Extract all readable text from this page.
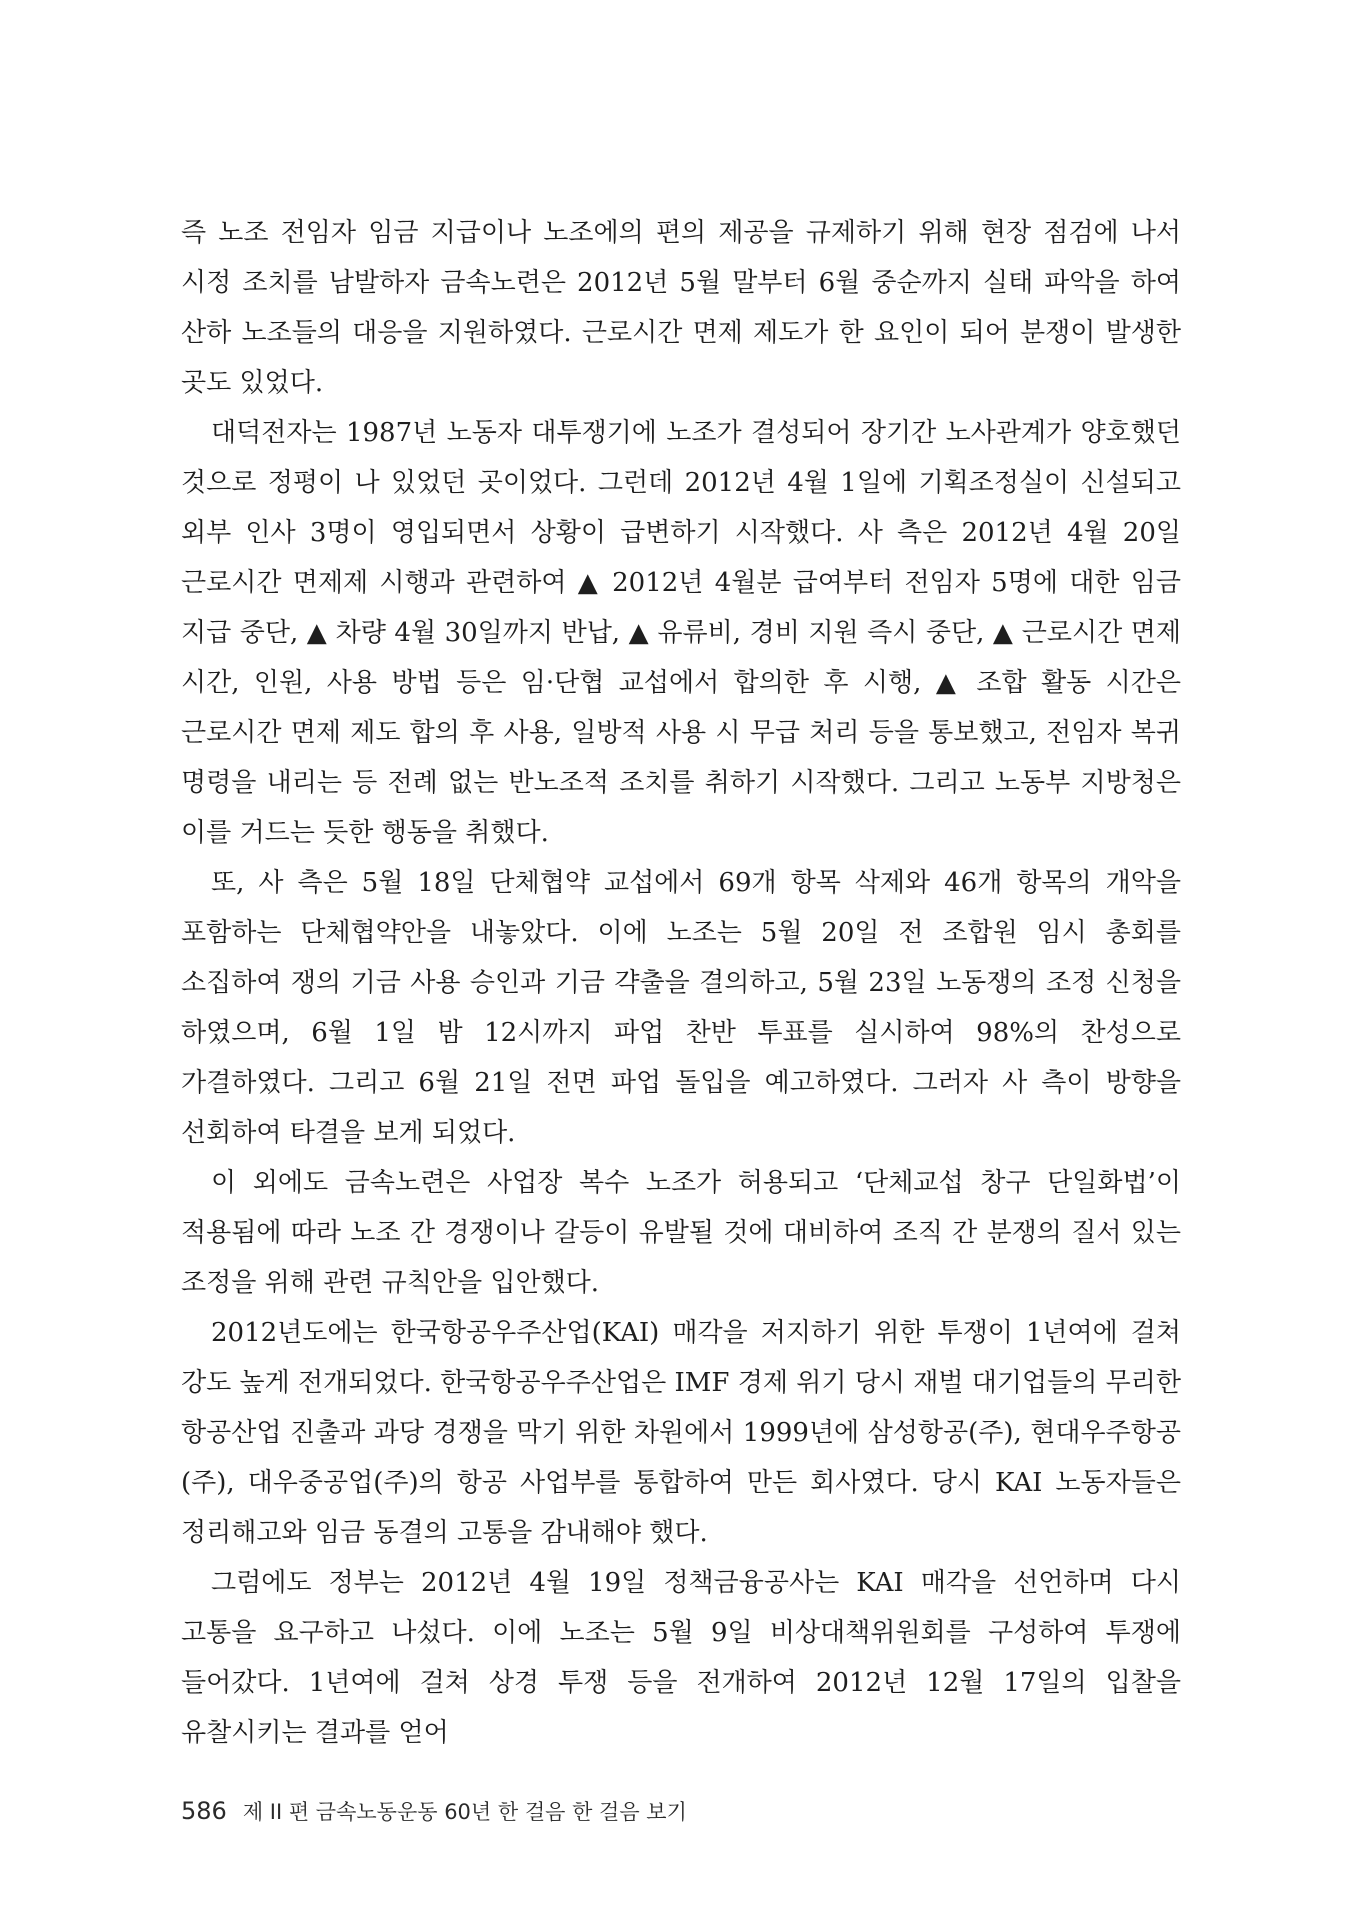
즉 노조 전임자 임금 지급이나 노조에의 편의 제공을 규제하기 위해 현장 점검에 나서 시정 조치를 남발하자 금속노련은 2012년 5월 말부터 6월 중순까지 실태 파악을 하여 산하 노조들의 대응을 지원하였다. 근로시간 면제 제도가 한 요인이 되어 분쟁이 발생한 곳도 있었다.

대덕전자는 1987년 노동자 대투쟁기에 노조가 결성되어 장기간 노사관계가 양호했던 것으로 정평이 나 있었던 곳이었다. 그런데 2012년 4월 1일에 기획조정실이 신설되고 외부 인사 3명이 영입되면서 상황이 급변하기 시작했다. 사 측은 2012년 4월 20일 근로시간 면제제 시행과 관련하여 ▲ 2012년 4월분 급여부터 전임자 5명에 대한 임금 지급 중단, ▲ 차량 4월 30일까지 반납, ▲ 유류비, 경비 지원 즉시 중단, ▲ 근로시간 면제 시간, 인원, 사용 방법 등은 임·단협 교섭에서 합의한 후 시행, ▲ 조합 활동 시간은 근로시간 면제 제도 합의 후 사용, 일방적 사용 시 무급 처리 등을 통보했고, 전임자 복귀 명령을 내리는 등 전례 없는 반노조적 조치를 취하기 시작했다. 그리고 노동부 지방청은 이를 거드는 듯한 행동을 취했다.

또, 사 측은 5월 18일 단체협약 교섭에서 69개 항목 삭제와 46개 항목의 개악을 포함하는 단체협약안을 내놓았다. 이에 노조는 5월 20일 전 조합원 임시 총회를 소집하여 쟁의 기금 사용 승인과 기금 갹출을 결의하고, 5월 23일 노동쟁의 조정 신청을 하였으며, 6월 1일 밤 12시까지 파업 찬반 투표를 실시하여 98%의 찬성으로 가결하였다. 그리고 6월 21일 전면 파업 돌입을 예고하였다. 그러자 사 측이 방향을 선회하여 타결을 보게 되었다.

이 외에도 금속노련은 사업장 복수 노조가 허용되고 ‘단체교섭 창구 단일화법’이 적용됨에 따라 노조 간 경쟁이나 갈등이 유발될 것에 대비하여 조직 간 분쟁의 질서 있는 조정을 위해 관련 규칙안을 입안했다.

2012년도에는 한국항공우주산업(KAI) 매각을 저지하기 위한 투쟁이 1년여에 걸쳐 강도 높게 전개되었다. 한국항공우주산업은 IMF 경제 위기 당시 재벌 대기업들의 무리한 항공산업 진출과 과당 경쟁을 막기 위한 차원에서 1999년에 삼성항공(주), 현대우주항공(주), 대우중공업(주)의 항공 사업부를 통합하여 만든 회사였다. 당시 KAI 노동자들은 정리해고와 임금 동결의 고통을 감내해야 했다.

그럼에도 정부는 2012년 4월 19일 정책금융공사는 KAI 매각을 선언하며 다시 고통을 요구하고 나섰다. 이에 노조는 5월 9일 비상대책위원회를 구성하여 투쟁에 들어갔다. 1년여에 걸쳐 상경 투쟁 등을 전개하여 2012년 12월 17일의 입찰을 유찰시키는 결과를 얻어

586 제 II 편 금속노동운동 60년 한 걸음 한 걸음 보기
